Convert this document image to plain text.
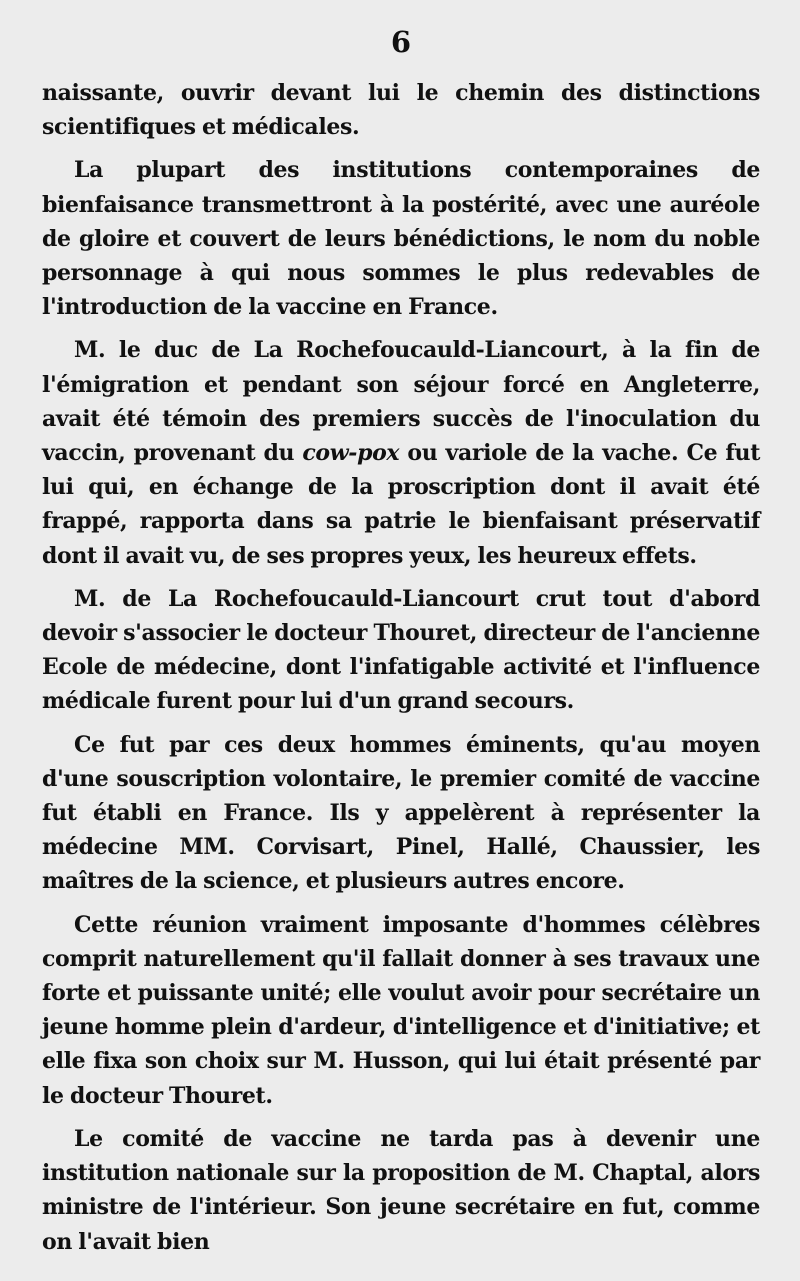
6

naissante, ouvrir devant lui le chemin des distinctions scientifiques et médicales.

La plupart des institutions contemporaines de bienfaisance transmettront à la postérité, avec une auréole de gloire et couvert de leurs bénédictions, le nom du noble personnage à qui nous sommes le plus redevables de l'introduction de la vaccine en France.

M. le duc de La Rochefoucauld-Liancourt, à la fin de l'émigration et pendant son séjour forcé en Angleterre, avait été témoin des premiers succès de l'inoculation du vaccin, provenant du cow-pox ou variole de la vache. Ce fut lui qui, en échange de la proscription dont il avait été frappé, rapporta dans sa patrie le bienfaisant préservatif dont il avait vu, de ses propres yeux, les heureux effets.

M. de La Rochefoucauld-Liancourt crut tout d'abord devoir s'associer le docteur Thouret, directeur de l'ancienne Ecole de médecine, dont l'infatigable activité et l'influence médicale furent pour lui d'un grand secours.

Ce fut par ces deux hommes éminents, qu'au moyen d'une souscription volontaire, le premier comité de vaccine fut établi en France. Ils y appelèrent à représenter la médecine MM. Corvisart, Pinel, Hallé, Chaussier, les maîtres de la science, et plusieurs autres encore.

Cette réunion vraiment imposante d'hommes célèbres comprit naturellement qu'il fallait donner à ses travaux une forte et puissante unité; elle voulut avoir pour secrétaire un jeune homme plein d'ardeur, d'intelligence et d'initiative; et elle fixa son choix sur M. Husson, qui lui était présenté par le docteur Thouret.

Le comité de vaccine ne tarda pas à devenir une institution nationale sur la proposition de M. Chaptal, alors ministre de l'intérieur. Son jeune secrétaire en fut, comme on l'avait bien
